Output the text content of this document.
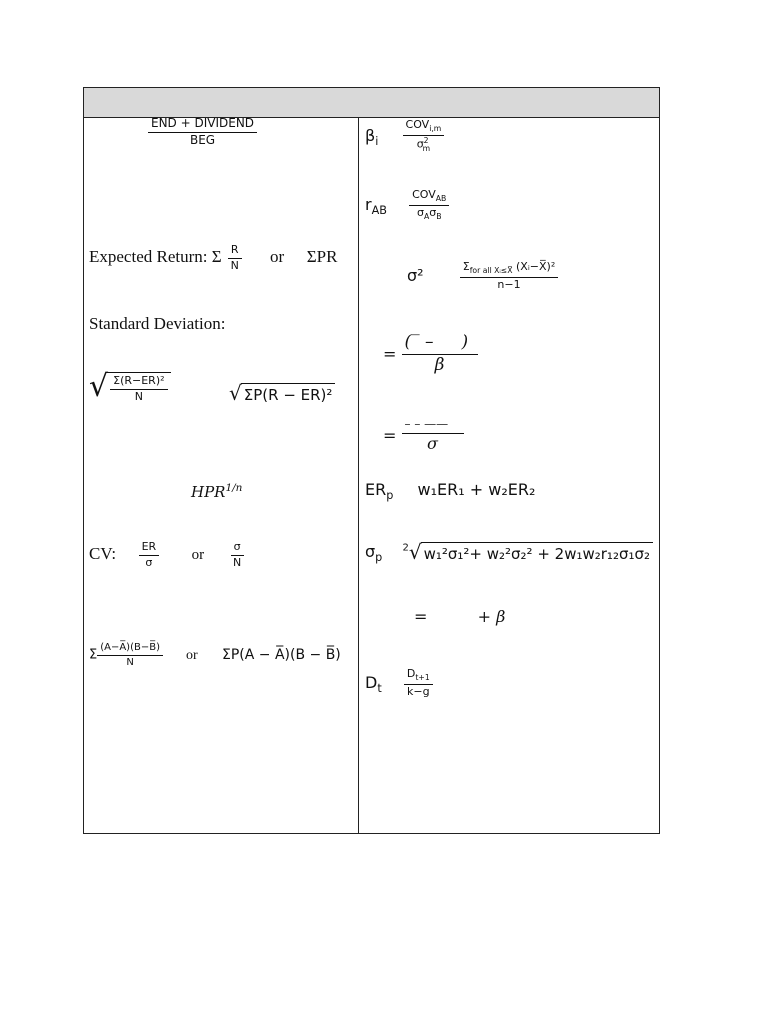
$\frac{\text{END + DIVIDEND}}{\text{BEG}}$
Expected Return: Σ $\frac{R}{N}$ or ΣPR
Standard Deviation:
√ $\frac{\text{Σ(R−ER)²}}{N}$	√ ΣP(R − ER)²
$HPR^{1/n}$
CV: $\frac{ER}{\sigma}$ or $\frac{\sigma}{N}$
Σ $\frac{(A-A̅)(B-B̅)}{N}$ or ΣP(A − A̅)(B − B̅)
$\beta_i \frac{COV_{i,m}}{\sigma^2_m}$
$r_{AB} \frac{COV_{AB}}{\sigma_A\sigma_B}$
σ²	$\frac{\Sigma_{for all Xᵢ\le X̅} (Xᵢ-X̅)^2}{n-1}$
= $\frac{(‾ - )}{\beta}$
= $\frac{- - ——}{\sigma}$
$ER_p$ w₁ER₁ + w₂ER₂
$\sigma_p$  $^2$ √ w₁²σ₁²+ w₂²σ₂² + 2w₁w₂r₁₂σ₁σ₂
=	+ β
$D_t \frac{D_{t+1}}{k-g}$
